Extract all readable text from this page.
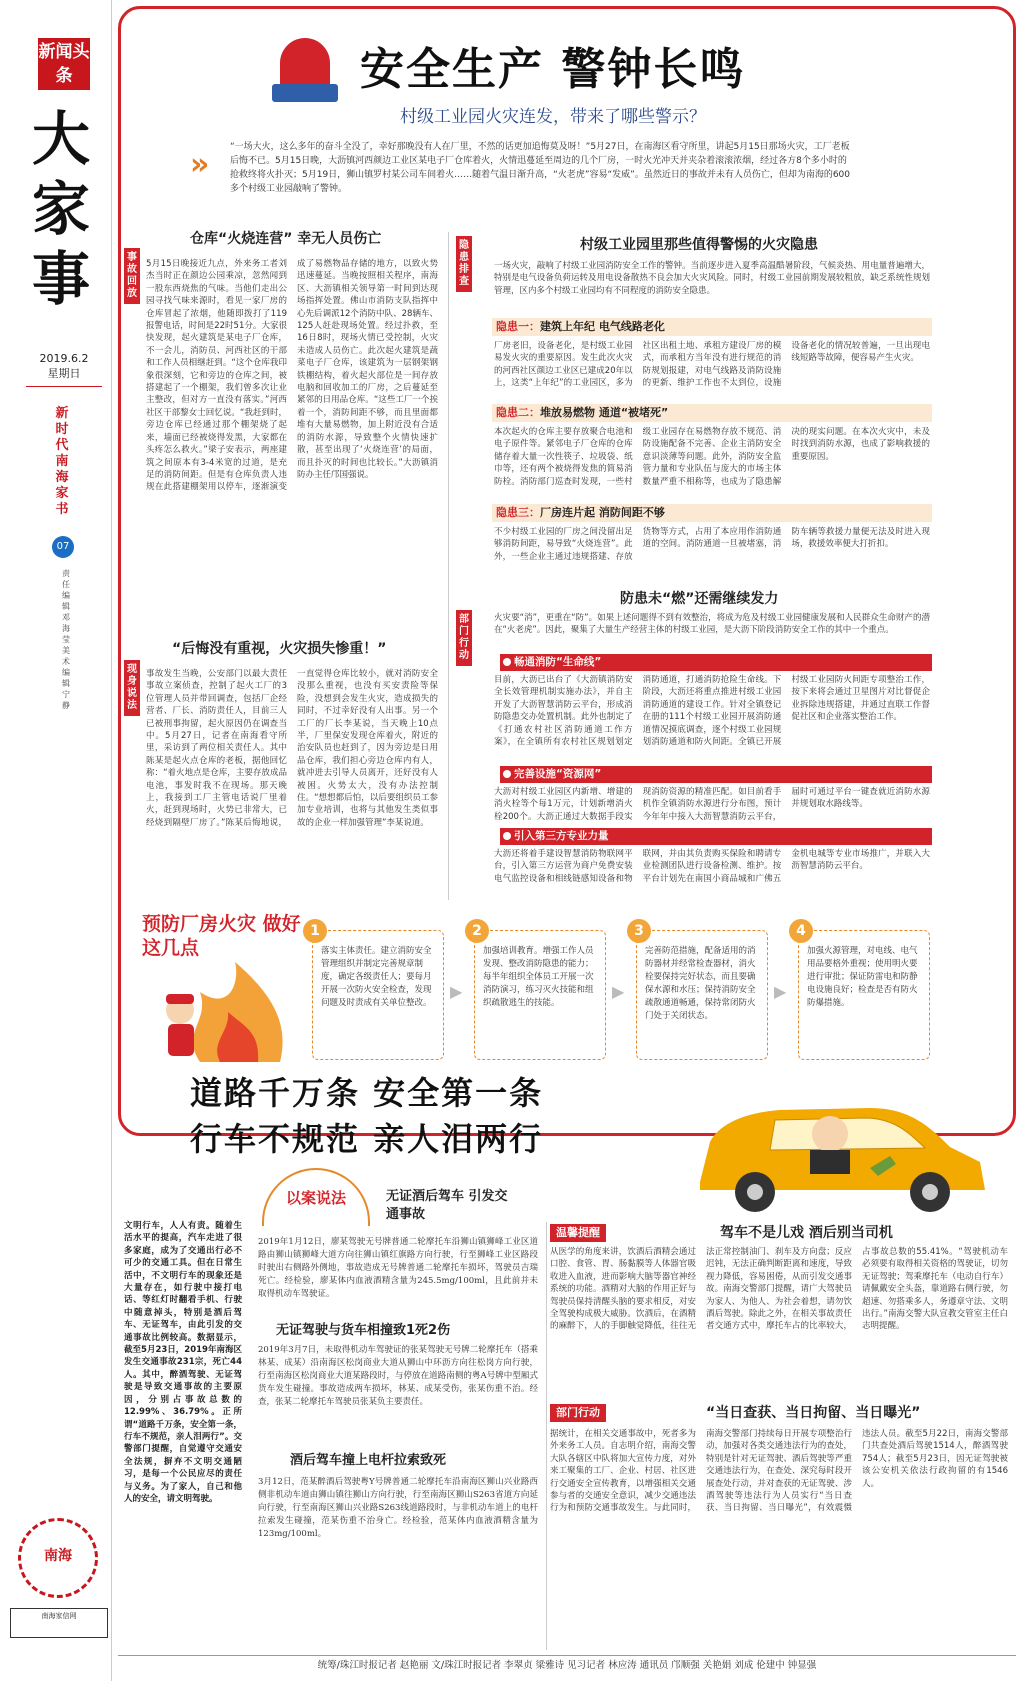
新闻头条
大家事
2019.6.2
星期日
新时代南海家书
07
责任编辑 邓海莹 美术编辑 宁静
南海
南海家信网
安全生产 警钟长鸣
村级工业园火灾连发，带来了哪些警示？
»	“一场大火，这么多年的奋斗全没了，幸好那晚没有人在厂里，不然的话更加追悔莫及呀！”5月27日，在南海区看守所里，讲起5月15日那场火灾，工厂老板后悔不已。5月15日晚，大沥镇河西颜边工业区某电子厂仓库着火，火情迅蔓延至周边的几个厂房，一时火光冲天并夹杂着滚滚浓烟，经过各方8个多小时的抢救终将火扑灭；5月19日，狮山镇罗村某公司车间着火……随着气温日渐升高，“火老虎”容易“发威”。虽然近日的事故并未有人员伤亡，但却为南海的600多个村级工业园敲响了警钟。
事故回放
仓库“火烧连营” 幸无人员伤亡
5月15日晚接近九点，外来务工者刘杰当时正在颜边公园乘凉，忽然闻到一股东西烧焦的气味。当他们走出公园寻找气味来源时，看见一家厂房的仓库冒起了浓烟，他随即拨打了119报警电话，时间是22时51分。大家很快发现，起火建筑是某电子厂仓库，不一会儿，消防员、河西社区的干部和工作人员相继赶到。“这个仓库我印象很深刻，它和旁边的仓库之间，被搭建起了一个棚架，我们曾多次让业主整改，但对方一直没有落实。”河西社区干部黎女士回忆说。“我赶到时，旁边仓库已经通过那个棚架烧了起来，墙面已经被烧得发黑，大家都在头疼怎么救火。”梁子安表示，两座建筑之间原本有3-4米宽的过道，是充足的消防间距。但是有仓库负责人违规在此搭建棚架用以停车，逐渐演变成了易燃物品存储的地方，以致火势迅速蔓延。当晚按照相关程序，南海区、大沥镇相关领导第一时间到达现场指挥处置。佛山市消防支队指挥中心先后调派12个消防中队、28辆车、125人赶赴现场处置。经过扑救，至16日8时，现场火情已受控制，火灾未造成人员伤亡。此次起火建筑是蔬菜电子厂仓库，该建筑为一层钢架钢铁棚结构，着火起火部位是一间存放电脑和回收加工的厂房，之后蔓延至紧邻的日用品仓库。“这些工厂一个挨着一个，消防间距不够，而且里面都堆有大量易燃物，加上附近没有合适的消防水源，导致整个火情快速扩散，甚至出现了‘火烧连营’的局面，而且扑灭的时间也比较长。”大沥镇消防办主任邝国强说。
现身说法
“后悔没有重视，火灾损失惨重！”
事故发生当晚，公安部门以最大责任事故立案侦查，控制了起火工厂的3位管理人员并带回调查，包括厂企经营者、厂长、消防责任人，目前三人已被刑事拘留，起火原因仍在调查当中。5月27日，记者在南海看守所里，采访到了两位相关责任人。其中陈某是起火点仓库的老板，据他回忆称：“着火地点是仓库，主要存放成品电池，事发时我不在现场。那天晚上，我接到工厂主管电话说厂里着火，赶到现场时，火势已非常大，已经烧到隔壁厂房了。”陈某后悔地说，一直觉得仓库比较小，就对消防安全没那么重视，也没有买安责险等保险，没想到会发生火灾，造成损失的同时，不过幸好没有人出事。另一个工厂的厂长李某说，当天晚上10点半，厂里保安发现仓库着火，附近的治安队员也赶到了，因为旁边是日用品仓库，我们担心旁边仓库内有人，就冲进去引导人员离开，还好没有人被困。火势太大，没有办法控制住。“想想都后怕，以后要组织员工参加专业培训，也将与其他发生类似事故的企业一样加强管理”李某说道。
隐患排查
村级工业园里那些值得警惕的火灾隐患
一场火灾，敲响了村级工业园消防安全工作的警钟。当前逐步进入夏季高温酷暑阶段，气候炎热、用电量普遍增大，特别是电气设备负荷运转及用电设备散热不良会加大火灾风险。同时，村级工业园前期发展较粗放，缺乏系统性规划管理，区内多个村级工业园均有不同程度的消防安全隐患。
隐患一：建筑上年纪 电气线路老化
厂房老旧，设备老化，是村级工业园易发火灾的重要原因。发生此次火灾的河西社区颜边工业区已建成20年以上，这类“上年纪”的工业园区，多为社区出租土地、承租方建设厂房的模式，而承租方当年没有进行规范的消防规划报建，对电气线路及消防设施的更新、维护工作也不太到位，设施设备老化的情况较普遍，一旦出现电线短路等故障，便容易产生火灾。
隐患二：堆放易燃物 通道“被堵死”
本次起火的仓库主要存放聚合电池和电子原件等。紧邻电子厂仓库的仓库储存着大量一次性筷子、垃圾袋、纸巾等，还有两个被烧得发焦的简易消防栓。消防部门巡查时发现，一些村级工业园存在易燃物存放不规范、消防设施配备不完善、企业主消防安全意识淡薄等问题。此外，消防安全监管力量和专业队伍与庞大的市场主体数量严重不相称等，也成为了隐患解决的现实问题。在本次火灾中，未及时找到消防水源，也成了影响救援的重要原因。
隐患三：厂房连片起 消防间距不够
不少村级工业园的厂房之间没留出足够消防间距，易导致“火烧连营”。此外，一些企业主通过违规搭建、存放货物等方式，占用了本应用作消防通道的空间。消防通道一旦被堵塞，消防车辆等救援力量便无法及时进入现场，救援效率便大打折扣。
部门行动
防患未“燃”还需继续发力
火灾要“消”，更重在“防”。如果上述问题得不到有效整治，将成为危及村级工业园健康发展和人民群众生命财产的潜在“火老虎”。因此，聚集了大量生产经营主体的村级工业园，是大沥下阶段消防安全工作的其中一个重点。
畅通消防“生命线”
目前，大沥已出台了《大沥镇消防安全长效管理机制实施办法》，并自主开发了大沥智慧消防云平台，形成消防隐患交办处置机制。此外也制定了《打通农村社区消防通道工作方案》，在全镇所有农村社区规划划定消防通道，打通消防抢险生命线。下阶段，大沥还将重点推进村级工业园消防通道的建设工作。针对全镇登记在册的111个村级工业园开展消防通道情况摸底调查，逐个村级工业园规划消防通道和防火间距。全镇已开展村级工业园防火间距专项整治工作，按下来将会通过卫星图片对比督促企业拆除违规搭建，并通过直联工作督促社区和企业落实整治工作。
完善设施“资源网”
大沥对村级工业园区内新增、增建的消火栓等个每1万元，计划新增消火栓200个。大沥正通过大数据手段实现消防资源的精准匹配。如目前看手机作全镇消防水源进行分布图，预计今年年中接入大沥智慧消防云平台，届时可通过平台一键查就近消防水源并规划取水路线等。
引入第三方专业力量
大沥还将着手建设智慧消防物联网平台，引入第三方运营为商户免费安装电气监控设备和相线链感知设备和物联网，并由其负责购买保险和聘请专业检测团队进行设备检测、维护。按平台计划先在南国小商品城和广佛五金机电城等专业市场推广，并联入大沥智慧消防云平台。
预防厂房火灾 做好这几点
1
落实主体责任。建立消防安全管理组织并制定完善规章制度，确定各级责任人；要每月开展一次防火安全检查，发现问题及时责成有关单位整改。
▶
2
加强培训教育。增强工作人员发现、整改消防隐患的能力；每半年组织全体员工开展一次消防演习，练习灭火技能和组织疏散逃生的技能。
▶
3
完善防范措施，配备适用的消防器材并经常检查器材，消火栓要保持完好状态，而且要确保水源和水压；保持消防安全疏散通道畅通，保持常闭防火门处于关闭状态。
▶
4
加强火源管理，对电线、电气用品要格外重视；使用明火要进行审批；保证防雷电和防静电设施良好；检查是否有防火防爆措施。
道路千万条 安全第一条
行车不规范 亲人泪两行
文明行车，人人有责。随着生活水平的提高，汽车走进了很多家庭，成为了交通出行必不可少的交通工具。但在日常生活中，不文明行车的现象还是大量存在，如行驶中接打电话、等红灯时翻看手机、行驶中随意掉头，特别是酒后驾车、无证驾车，由此引发的交通事故比例较高。数据显示，截至5月23日，2019年南海区发生交通事故231宗，死亡44人。其中，醉酒驾驶、无证驾驶是导致交通事故的主要原因，分别占事故总数的12.99%、36.79%。正所谓“道路千万条，安全第一条，行车不规范，亲人泪两行”。交警部门提醒，自觉遵守交通安全法规，摒弃不文明交通陋习，是每一个公民应尽的责任与义务。为了家人，自己和他人的安全，请文明驾驶。
以案说法	无证酒后驾车 引发交通事故
2019年1月12日，廖某驾驶无号牌普通二轮摩托车沿狮山镇狮峰工业区道路由狮山镇狮峰大道方向往狮山镇红旗路方向行驶，行至狮峰工业区路段时驶出右侧路外侧地，事故造成无号牌普通二轮摩托车损坏，驾驶员吉瑞死亡。经检验，廖某体内血液酒精含量为245.5mg/100ml，且此前并未取得机动车驾驶证。
无证驾驶与货车相撞致1死2伤
2019年3月7日，未取得机动车驾驶证的张某驾驶无号牌二轮摩托车（搭乘林某、成某）沿南海区松岗商业大道从狮山中环沥方向往松岗方向行驶，行至南海区松岗商业大道某路段时，与停放在道路南侧的粤A号牌中型厢式货车发生碰撞。事故造成两车损坏，林某、成某受伤，张某伤重不治。经查，张某二轮摩托车驾驶员张某负主要责任。
酒后驾车撞上电杆拉索致死
3月12日，范某醉酒后驾驶粤Y号牌普通二轮摩托车沿南海区狮山兴业路西侧非机动车道由狮山镇往狮山方向行驶，行至南海区狮山S263省道方向延向行驶，行至南海区狮山兴业路S263线道路段时，与非机动车道上的电杆拉索发生碰撞，范某伤重不治身亡。经检验，范某体内血液酒精含量为123mg/100ml。
温馨提醒	驾车不是儿戏 酒后别当司机
从医学的角度来讲，饮酒后酒精会通过口腔、食管、胃、肠黏膜等人体器官吸收进入血液，进而影响大脑等器官神经系统的功能。酒精对大脑的作用正好与驾驶员保持清醒头脑的要求相反，对安全驾驶构成极大威胁。饮酒后，在酒精的麻醉下，人的手脚触觉降低，往往无法正常控制油门、刹车及方向盘；反应迟钝，无法正确判断距离和速度，导致视力降低，容易困倦，从而引发交通事故。南海交警部门提醒，请广大驾驶员为家人、为他人、为社会着想，请勿饮酒后驾驶。除此之外，在相关事故责任者交通方式中，摩托车占的比率较大，占事故总数的55.41%。“驾驶机动车必须要有取得相关资格的驾驶证，切勿无证驾驶；驾乘摩托车（电动自行车）请佩戴安全头盔，靠道路右侧行驶，勿超速、勿搭乘多人，务遵章守法、文明出行。”南海交警大队宣教交管室主任白志明提醒。
部门行动	“当日查获、当日拘留、当日曝光”
据统计，在相关交通事故中，死者多为外来务工人员。自志明介绍，南海交警大队各辖区中队将加大宣传力度，对外来工聚集的工厂、企业、村居、社区进行交通安全宣传教育，以增强相关交通参与者的交通安全意识，减少交通违法行为和预防交通事故发生。与此同时，南海交警部门持续每日开展专项整治行动，加强对各类交通违法行为的查处，特别是针对无证驾驶、酒后驾驶等严重交通违法行为，在查处、深究每时段开展查处行动，并对查获的无证驾驶、涉酒驾驶等违法行为人员实行“当日查获、当日拘留、当日曝光”，有效震慑违法人员。截至5月22日，南海交警部门共查处酒后驾驶1514人，醉酒驾驶754人；截至5月23日，因无证驾驶被该公安机关依法行政拘留的有1546人。
统筹/珠江时报记者 赵艳丽 文/珠江时报记者 李翠贞 梁雅诗 见习记者 林应涛 通讯员 邝顺强 关艳娟 刘成 伦建中 钟显强
